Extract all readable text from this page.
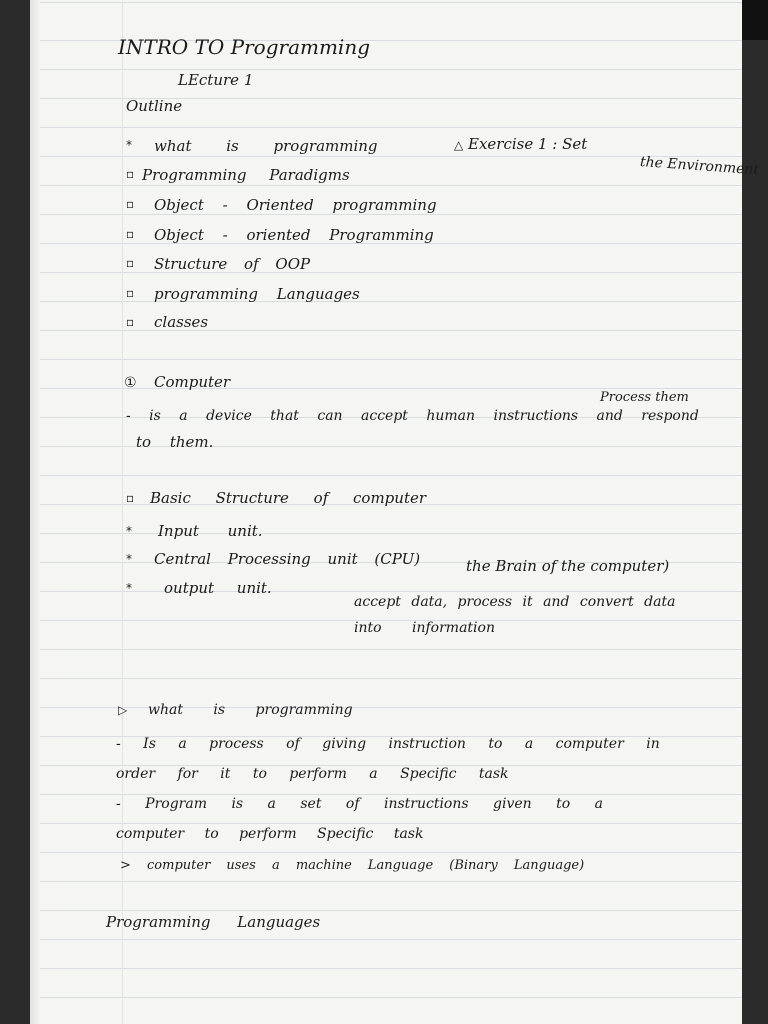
INTRO TO Programming

LEcture 1

Outline

* what is programming	△ Exercise 1 : Set

the Environment

▫ Programming Paradigms

▫ Object - Oriented programming

▫ Object - oriented Programming

▫ Structure of OOP

▫ programming Languages

▫ classes

① Computer

Process them

- is a device that can accept human instructions and respond

to them.

▫ Basic Structure of computer

* Input unit.

* Central Processing unit (CPU)	the Brain of the computer)

* output unit.

accept data, process it and convert data

into information

▷ what is programming

- Is a process of giving instruction to a computer in

order for it to perform a Specific task

- Program is a set of instructions given to a

computer to perform Specific task

> computer uses a machine Language (Binary Language)

Programming Languages
